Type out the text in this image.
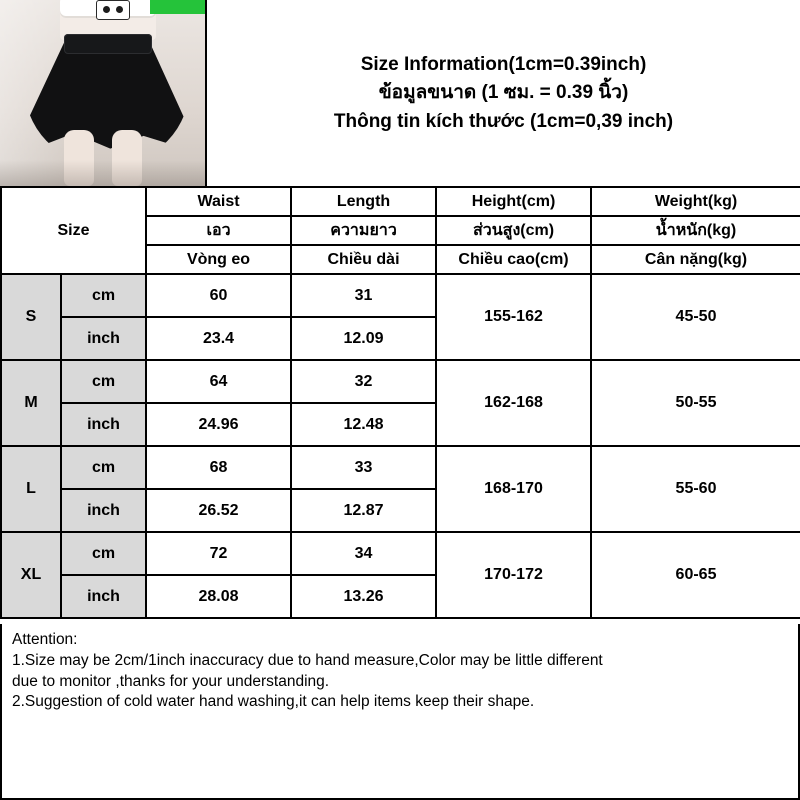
Size Information(1cm=0.39inch)
ข้อมูลขนาด (1 ซม. = 0.39 นิ้ว)
Thông tin kích thước (1cm=0,39 inch)
Size		Waist	Length	Height(cm)	Weight(kg)
		เอว	ความยาว	ส่วนสูง(cm)	น้ำหนัก(kg)
		Vòng eo	Chiều dài	Chiều cao(cm)	Cân nặng(kg)
S	cm	60	31	155-162	45-50
	inch	23.4	12.09		
M	cm	64	32	162-168	50-55
	inch	24.96	12.48		
L	cm	68	33	168-170	55-60
	inch	26.52	12.87		
XL	cm	72	34	170-172	60-65
	inch	28.08	13.26		

Attention:

1.Size may be 2cm/1inch inaccuracy due to hand measure,Color may be little different

due to monitor ,thanks for your understanding.

2.Suggestion of cold water hand washing,it can help items keep their shape.
